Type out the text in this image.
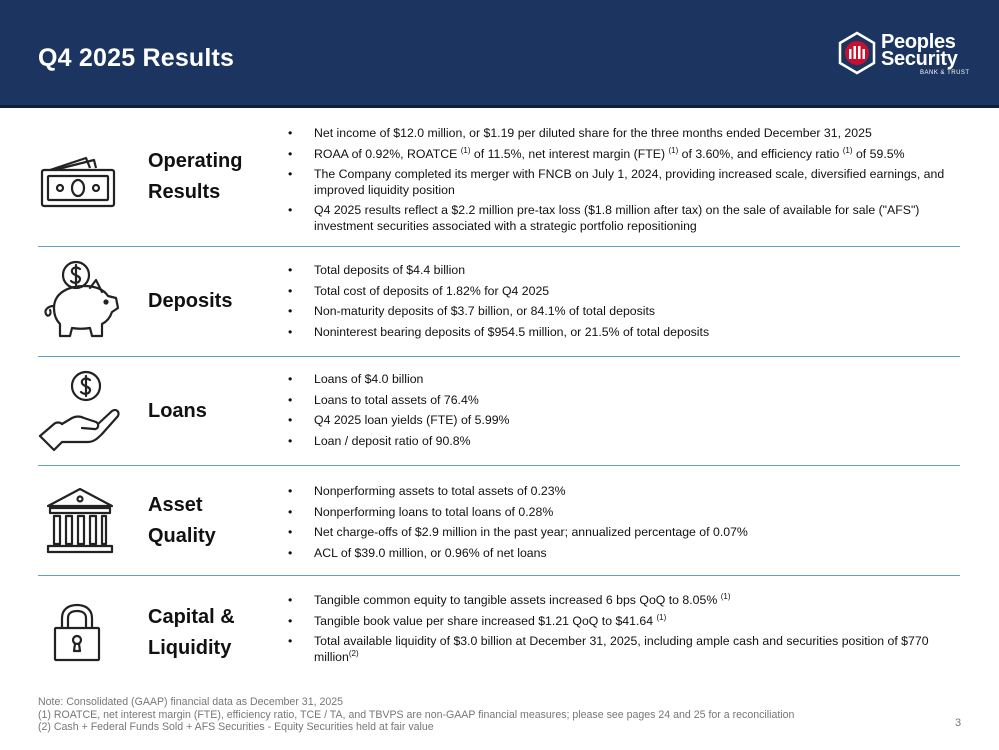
Q4 2025 Results
Peoples
Security
BANK & TRUST
Operating
Results
• Net income of $12.0 million, or $1.19 per diluted share for the three months ended December 31, 2025
• ROAA of 0.92%, ROATCE $^{(1)}$ of 11.5%, net interest margin (FTE) $^{(1)}$ of 3.60%, and efficiency ratio $^{(1)}$ of 59.5%
• The Company completed its merger with FNCB on July 1, 2024, providing increased scale, diversified earnings, and improved liquidity position
• Q4 2025 results reflect a $2.2 million pre-tax loss ($1.8 million after tax) on the sale of available for sale ("AFS") investment securities associated with a strategic portfolio repositioning
Deposits
• Total deposits of $4.4 billion
• Total cost of deposits of 1.82% for Q4 2025
• Non-maturity deposits of $3.7 billion, or 84.1% of total deposits
• Noninterest bearing deposits of $954.5 million, or 21.5% of total deposits
Loans
• Loans of $4.0 billion
• Loans to total assets of 76.4%
• Q4 2025 loan yields (FTE) of 5.99%
• Loan / deposit ratio of 90.8%
Asset
Quality
• Nonperforming assets to total assets of 0.23%
• Nonperforming loans to total loans of 0.28%
• Net charge-offs of $2.9 million in the past year; annualized percentage of 0.07%
• ACL of $39.0 million, or 0.96% of net loans
Capital &
Liquidity
• Tangible common equity to tangible assets increased 6 bps QoQ to 8.05% $^{(1)}$
• Tangible book value per share increased $1.21 QoQ to $41.64 $^{(1)}$
• Total available liquidity of $3.0 billion at December 31, 2025, including ample cash and securities position of $770 million$^{(2)}$
Note: Consolidated (GAAP) financial data as December 31, 2025
(1) ROATCE, net interest margin (FTE), efficiency ratio, TCE / TA, and TBVPS are non-GAAP financial measures; please see pages 24 and 25 for a reconciliation
(2) Cash + Federal Funds Sold + AFS Securities - Equity Securities held at fair value	3
